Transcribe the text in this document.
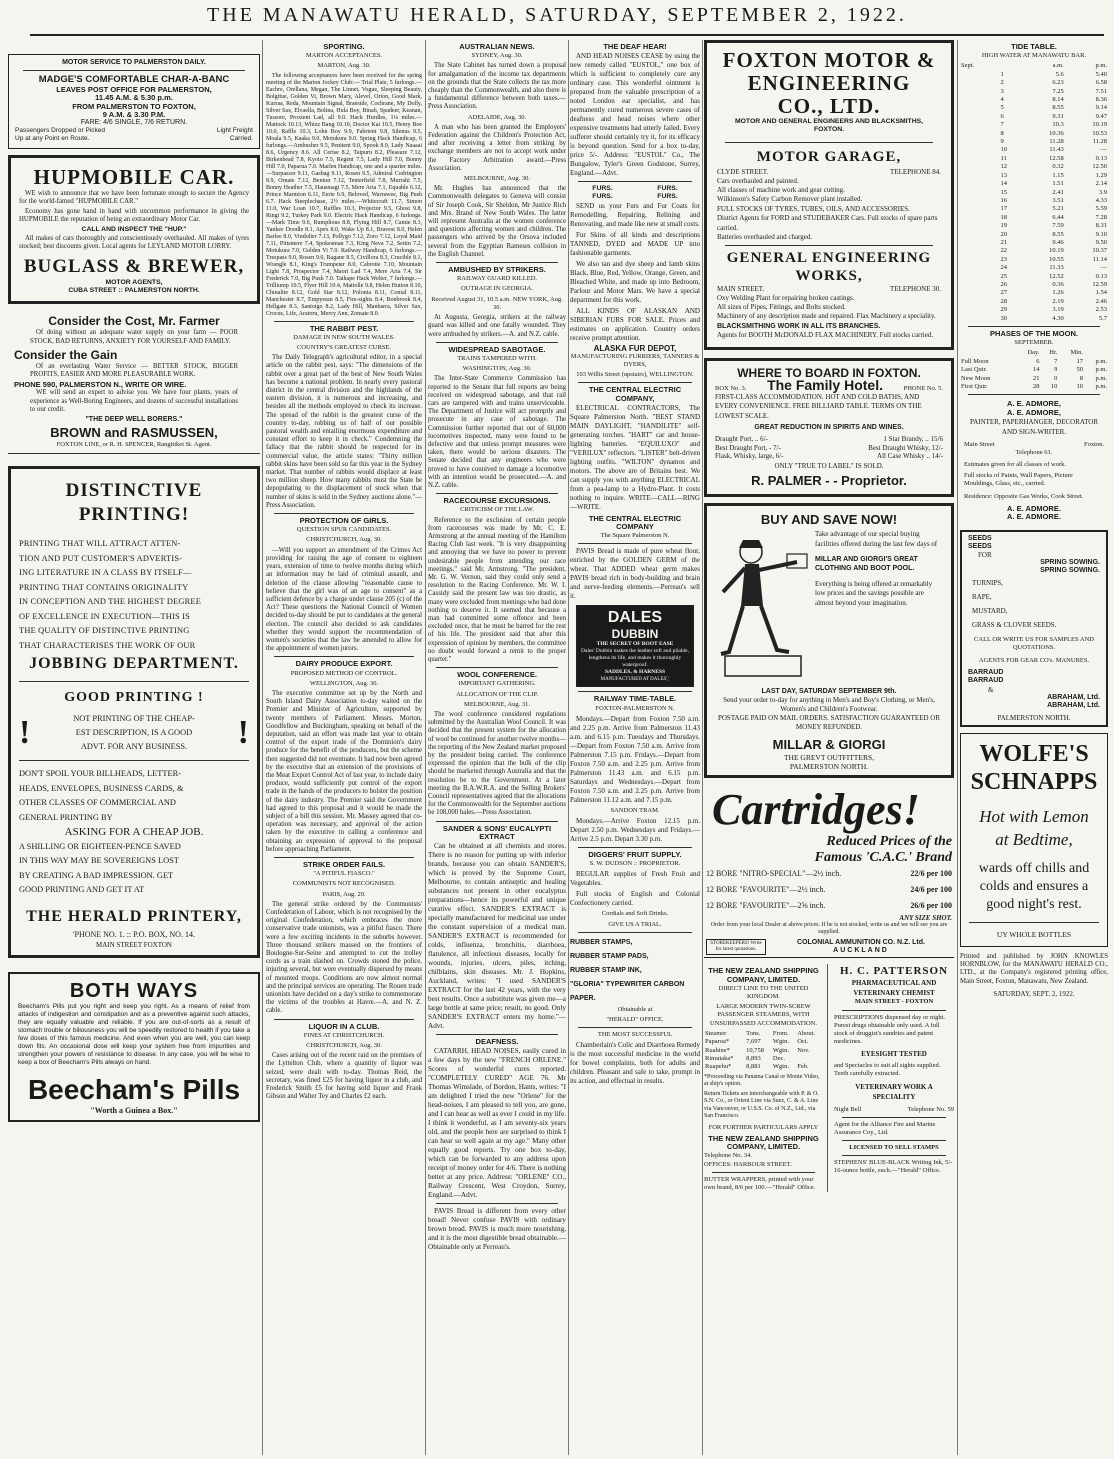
THE MANAWATU HERALD, SATURDAY, SEPTEMBER 2, 1922.
MOTOR SERVICE TO PALMERSTON DAILY.
MADGE'S COMFORTABLE CHAR-A-BANC
LEAVES POST OFFICE FOR PALMERSTON,
11.45 A.M. & 5.30 p.m.
FROM PALMERSTON TO FOXTON,
9 A.M. & 3.30 P.M.
FARE: 4/6 SINGLE, 7/6 RETURN.
Passengers Dropped or Picked	Light Freight
Up at any Point en Route.	Carried.
HUPMOBILE CAR.
WE wish to announce that we have been fortunate enough to secure the Agency for the world-famed "HUPMOBILE CAR."
Economy has gone hand in hand with uncommon performance in giving the HUPMOBILE the reputation of being an extraordinary Motor Car.
CALL AND INSPECT THE "HUP."
All makes of cars thoroughly and conscientiously overhauled. All makes of tyres stocked; best discounts given. Local agents for LEYLAND MOTOR LORRY.
BUGLASS & BREWER,
MOTOR AGENTS,
CUBA STREET :: PALMERSTON NORTH.
Consider the Cost, Mr. Farmer
Of doing without an adequate water supply on your farm — POOR STOCK, BAD RETURNS, ANXIETY FOR YOURSELF AND FAMILY.
Consider the Gain
Of an everlasting Water Service — BETTER STOCK, BIGGER PROFITS, EASIER AND MORE PLEASURABLE WORK.
PHONE 590, PALMERSTON N., WRITE OR WIRE.
WE will send an expert to advise you. We have four plants, years of experience as Well-Boring Engineers, and dozens of successful installations to our credit.
"THE DEEP WELL BORERS."
BROWN and RASMUSSEN,
FOXTON LINE, or R. H. SPENCER, Rangitikei St. Agent.
DISTINCTIVE PRINTING!
PRINTING THAT WILL ATTRACT ATTEN-
TION AND PUT CUSTOMER'S ADVERTIS-
ING LITERATURE IN A CLASS BY ITSELF—
PRINTING THAT CONTAINS ORIGINALITY
IN CONCEPTION AND THE HIGHEST DEGREE
OF EXCELLENCE IN EXECUTION—THIS IS
THE QUALITY OF DISTINCTIVE PRINTING
THAT CHARACTERISES THE WORK OF OUR
JOBBING DEPARTMENT.
GOOD PRINTING !
!	NOT PRINTING OF THE CHEAP-
EST DESCRIPTION, IS A GOOD
ADVT. FOR ANY BUSINESS.	!
DON'T SPOIL YOUR BILLHEADS, LETTER-
HEADS, ENVELOPES, BUSINESS CARDS, &
OTHER CLASSES OF COMMERCIAL AND
GENERAL PRINTING BY
ASKING FOR A CHEAP JOB.
A SHILLING OR EIGHTEEN-PENCE SAVED
IN THIS WAY MAY BE SOVEREIGNS LOST
BY CREATING A BAD IMPRESSION. GET
GOOD PRINTING AND GET IT AT
THE HERALD PRINTERY,
'PHONE NO. 1. :: P.O. BOX, NO. 14.
MAIN STREET FOXTON
BOTH WAYS
Beecham's Pills put you right and keep you right. As a means of relief from attacks of indigestion and constipation and as a preventive against such attacks, they are equally valuable and reliable. If you are out-of-sorts as a result of stomach trouble or biliousness you will be speedily restored to health if you take a few doses of this famous medicine. And even when you are well, you can keep down fits. An occasional dose will keep your system free from impurities and strengthen your powers of resistance to disease. In any case, you will be wise to keep a box of Beecham's Pills always on hand.
Beecham's Pills
"Worth a Guinea a Box."
SPORTING.
MARTON ACCEPTANCES.
MARTON, Aug. 30.
The following acceptances have been received for the spring meeting of the Marton Jockey Club:— Trial Plate, 5 furlongs.—Eachre, Orellana, Megan, The Linnet, Vogue, Sleeping Beauty, Bolgitue, Golden Vi, Brown Mary, Alevel, Orion, Good Mark, Kurraa, Reda, Mountain Signal, Braeside, Cochrane, My Dolly, Silver Sax, Elvaella, Bolina, Hula Boy, Binah, Spadeer, Keanan, Tussore, Proxient Lad, all 9.0. Hack Hurdles, 1¼ miles.—Mattock 10.13, Whizz Bang 10.10, Doctor Kai 10.5, Henry Boe 10.0, Raffle 10.3, Lohn Boy 9.9, Fabrient 9.8, Silenus 9.5, Moala 9.5, Kaaka 9.0, Motukura 9.0. Spring Hack Handicap, 6 furlongs.—Ambusher 9.5, Penitent 9.0, Spook 8.9, Lady Naaaai 8.6, Urgency 8.6. All Cerise 8.2, Taipuru 8.2, Pleasure 7.12, Birkenhead 7.8, Kyoto 7.5, Regent 7.5, Lady Hill 7.0, Bonny Hill 7.0, Paparua 7.0. Marlen Handicap, one and a quarter miles.—Surpassor 9.11, Gasbag 9.11, Rosen 9.5, Admiral Codrington 8.9, Ornate 7.12, Benton 7.12, Tenterfield 7.8, Murrahi 7.5, Bonny Heather 7.5, Hausmagi 7.5, Mere Aria 7.1, Equable 6.12, Prince Marmion 6.11, Eerie 6.9, Beloved, Warrawee, Big Push 6.7. Hack Steeplechase, 2½ miles.—Whitecraft 11.7, Simon 11.0, War Loan 10.7, Raffles 10.3, Projector 9.5, Ghost 9.8, Ringi 9.2, Turkey Park 9.0. Electric Hack Handicap, 6 furlongs.—Mark Time 9.6, Rumplious 8.8, Flying Hill 8.7, Camie 8.3, Yankee Doodle 8.1, Apex 8.0, Wake Up 8.1, Bravest 8.0, Helen Barlee 8.0, Vindolier 7.13, Pollygo 7.12, Zoro 7.12, Loyal Maid 7.11, Pittsmere 7.4, Spokesman 7.3, King Neva 7.2, Seitin 7.2, Motukura 7.0, Golden Vi 7.0. Railway Handicap, 6 furlongs.—Trespass 9.0, Rosen 9.0, Ragane 8.5, Civillora 8.3, Crucible 8.1, Wrangle 8.1, King's Trumpeter 8.0, Cabrotie 7.10, Mountain Light 7.8, Prospector 7.4, Maori Lad 7.4, Mere Aria 7.4, Sir Frederick 7.0, Big Push 7.0. Taihape Hack Welter, 7 furlongs.—Trilliump 10.5, Flyer Hill 10.4, Mattolle 9.8, Helen Hutton 8.10, Chinalite 8.12, Gold Star 8.12, Polonia 8.11, Conial 8.11, Manchester 8.7, Empyrean 8.5, Fire-sights 8.4, Bonbrook 8.4, Hellgate 8.3, Santoigo 8.2, Lady Hill, Manbarra, Silver Sax, Crocus, Life, Aratoru, Mercy Ann, Zomate 8.0.
THE RABBIT PEST.
DAMAGE IN NEW SOUTH WALES.
COUNTRY'S GREATEST CURSE.
The Daily Telegraph's agricultural editor, in a special article on the rabbit pest, says: "The dimensions of the rabbit over a great part of the best of New South Wales has become a national problem. In nearly every pastoral district in the central division and the highlands of the eastern division, it is numerous and increasing, and besides all the methods employed to check its increase. The spread of the rabbit is the greatest curse of the country to-day, robbing us of half of our possible pastoral wealth and entailing enormous expenditure and constant effort to keep it in check." Condemning the fallacy that the rabbit should be respected for its commercial value, the article states: "Thirty million rabbit skins have been sold so far this year in the Sydney market. That number of rabbits would displace at least two million sheep. How many rabbits must the State be depopulating to the displacement of stock when that number of skins is sold in the Sydney auctions alone."—Press Association.
PROTECTION OF GIRLS.
QUESTION SPUR CANDIDATES.
CHRISTCHURCH, Aug. 30.
—Will you support an amendment of the Crimes Act providing for raising the age of consent to eighteen years, extension of time to twelve months during which an information may be laid of criminal assault, and deletion of the clause allowing "reasonable cause to believe that the girl was of an age to consent" as a sufficient defence by a charge under clause 205 (c) of the Act? These questions the National Council of Women decided to-day should be put to candidates at the general election. The council also decided to ask candidates whether they would support the recommendation of women's societies that the law be amended to allow for the appointment of women jurors.
DAIRY PRODUCE EXPORT.
PROPOSED METHOD OF CONTROL.
WELLINGTON, Aug. 30.
The executive committee set up by the North and South Island Dairy Association to-day waited on the Premier and Minister of Agriculture, supported by twenty members of Parliament. Messrs. Morton, Goodfellow and Buckingham, speaking on behalf of the deputation, said an effort was made last year to obtain control of the export trade of the Dominion's dairy produce for the benefit of the producers, but the scheme then suggested did not eventuate. It had now been agreed by the executive that an extension of the provisions of the Meat Export Control Act of last year, to include dairy produce, would sufficiently put control of the export trade in the hands of the producers to bolster the position of the dairy industry. The Premier said the Government had agreed to this proposal and it would be made the subject of a bill this session. Mr. Massey agreed that co-operation was necessary, and approval of the action taken by the executive in calling a conference and obtaining an expression of approval to the proposal before approaching Parliament.
STRIKE ORDER FAILS.
"A PITIFUL FIASCO."
COMMUNISTS NOT RECOGNISED.
PARIS, Aug. 29.
The general strike ordered by the Communists' Confederation of Labour, which is not recognised by the original Confederation, which embraces the more conservative trade unionists, was a pitiful fiasco. There were a few exciting incidents in the suburbs however. Three thousand strikers massed on the frontiers of Boulogne-Sur-Seine and attempted to cut the trolley cords as a train slashed on. Crowds stoned the police, injuring several, but were eventually dispersed by means of mounted troops. Conditions are now almost normal and the principal services are operating. The Rouen trade unionists have decided on a day's strike to commemorate the victims of the troubles at Havre.—A. and N. Z. cable.
LIQUOR IN A CLUB.
FINES AT CHRISTCHURCH.
CHRISTCHURCH, Aug. 30.
Cases arising out of the recent raid on the premises of the Lyttelton Club, where a quantity of liquor was seized, were dealt with to-day. Thomas Reid, the secretary, was fined £25 for having liquor in a club, and Frederick Smith £5 for having sold liquor and Frank Gibson and Walter Tey and Charles £2 each.
AUSTRALIAN NEWS.
SYDNEY, Aug. 30.
The State Cabinet has turned down a proposal for amalgamation of the income tax departments on the grounds that the State collects the tax more cheaply than the Commonwealth, and also there is a fundamental difference between both taxes.—Press Association.
ADELAIDE, Aug. 30.
A man who has been granted the Employers' Federation against the Children's Protection Act, and after receiving a letter from striking by exchange members are not to accept work under the Factory Arbitration award.—Press Association.
MELBOURNE, Aug. 30.
Mr. Hughes has announced that the Commonwealth delegates to Geneva will consist of Sir Joseph Cook, Sir Sheldon, Mr Justice Rich and Mrs. Brand of New South Wales. The latter will represent Australia at the women conference and questions affecting women and children. The passengers who arrived by the Orsova included several from the Egyptian Rameses collision in the English Channel.
AMBUSHED BY STRIKERS.
RAILWAY GUARD KILLED.
OUTRAGE IN GEORGIA.
Received August 31, 10.5 a.m. NEW YORK, Aug. 30.
At Augusta, Georgia, strikers at the railway guard was killed and one fatally wounded. They were ambushed by strikers.—A. and N.Z. cable.
WIDESPREAD SABOTAGE.
TRAINS TAMPERED WITH.
WASHINGTON, Aug. 30.
The Inter-State Commerce Commission has reported to the Senate that full reports are being received on widespread sabotage, and that rail cars are tampered with and trains unserviceable. The Department of Justice will act promptly and prosecute in any case of sabotage. The Commission further reported that out of 60,000 locomotives inspected, many were found to be defective and that unless prompt measures were taken, there would be serious disasters. The Senate decided that any engineers who were proved to have connived to damage a locomotive with an intention would be prosecuted.—A. and N.Z. cable.
RACECOURSE EXCURSIONS.
CRITICISM OF THE LAW.
Reference to the exclusion of certain people from racecourses was made by Mr. C. E. Armstrong at the annual meeting of the Hamilton Racing Club last week. "It is very disappointing and annoying that we have no power to prevent undesirable people from attending our race meetings," said Mr. Armstrong. "The president, Mr. G. W. Vernon, said they could only send a resolution to the Racing Conference. Mr. W. I. Cassidy said the present law was too drastic, as many were excluded from meetings who had done nothing to deserve it. It seemed that because a man had committed some offence and been excluded once, that he must be barred for the rest of his life. The president said that after this expression of opinion by members, the committee no doubt would forward a remit to the proper quarter."
WOOL CONFERENCE.
IMPORTANT GATHERING.
ALLOCATION OF THE CLIP.
MELBOURNE, Aug. 31.
The wool conference considered regulations submitted by the Australian Wool Council. It was decided that the present system for the allocation of wool be continued for another twelve months—the reporting of the New Zealand market proposed by the president being carried. The conference expressed the opinion that the bulk of the clip should be marketed through Australia and that the resolution be to the Government. At a later meeting the B.A.W.R.A. and the Selling Brokers' Council representatives agreed that the allocations for the Commonwealth for the September auctions be 108,000 bales.—Press Association.
SANDER & SONS' EUCALYPTI EXTRACT
Can be obtained at all chemists and stores. There is no reason for putting up with inferior brands, because you can obtain SANDER'S, which is proved by the Supreme Court, Melbourne, to contain antiseptic and healing substances not present in other eucalyptus preparations—hence its powerful and unique curative effect. SANDER'S EXTRACT is specially manufactured for medicinal use under the constant supervision of a medical man. SANDER'S EXTRACT is recommended for colds, influenza, bronchitis, diarrhoea, flatulence, all infectious diseases, locally for wounds, injuries, ulcers, piles, itching, chilblains, skin diseases. Mr. J. Hopkins, Auckland, writes: "I used SANDER'S EXTRACT for the last 42 years, with the very best results. Once a substitute was given me—a large bottle at same price; result, no good. Only SANDER'S EXTRACT enters my home."—Advt.
DEAFNESS.
CATARRH, HEAD NOISES, easily cured in a few days by the new "FRENCH ORLENE." Scores of wonderful cures reported. "COMPLETELY CURED" AGE 76. Mr Thomas Wimslade, of Bordon, Hants, writes: "I am delighted I tried the new "Orlene" for the head-noises, I am pleased to tell you, are gone, and I can hear as well as ever I could in my life. I think it wonderful, as I am seventy-six years old, and the people here are surprised to think I can hear so well again at my age." Many other equally good reports. Try one box to-day, which can be forwarded to any address upon receipt of money order for 4/6. There is nothing better at any price. Address: "ORLENE" CO., Railway Crescent, West Croydon, Surrey, England.—Advt.
PAVIS Bread is different from every other bread! Never confuse PAVIS with ordinary brown bread. PAVIS is much more nourishing, and it is the most digestible bread obtainable.—Obtainable only at Perreau's.
THE DEAF HEAR!
AND HEAD NOISES CEASE by using the new remedy called "EUSTOL," one box of which is sufficient to completely cure any ordinary case. This wonderful ointment is prepared from the valuable prescription of a noted London ear specialist, and has permanently cured numerous severe cases of deafness and head noises where other expensive treatments had utterly failed. Every sufferer should certainly try it, for its efficacy is beyond question. Send for a box to-day, price 5/-. Address: "EUSTOL" Co., The Bungalow, Tyler's Green Godstone, Surrey, England.—Advt.
FURS.
FURS.
FURS.
FURS.
SEND us your Furs and Fur Coats for Remodelling, Repairing, Relining and Renovating, and made like new at small costs.
Fur Skins of all kinds and descriptions TANNED, DYED and MADE UP into fashionable garments.
We also tan and dye sheep and lamb skins Black, Blue, Red, Yellow, Orange, Green, and Bleached White, and made up into Bedroom, Parlour and Motor Mats. We have a special department for this work.
ALL KINDS OF ALASKAN AND SIBERIAN FURS FOR SALE. Prices and estimates on application. Country orders receive prompt attention.
ALASKA FUR DEPOT,
MANUFACTURING FURRIERS, TANNERS & DYERS,
103 Willis Street (upstairs), WELLINGTON.
THE CENTRAL ELECTRIC COMPANY,
ELECTRICAL CONTRACTORS, The Square Palmerston North. "BEST STAND MAIN DAYLIGHT, "HANDILITE" self-generating torches. "HART" car and house-lighting batteries. "EQUILUXO" and "VERILUX" reflectors. "LISTER" belt-driven lighting outfits. "WILTON" dynamos and motors. The above are of Britains best. We can supply you with anything ELECTRICAL from a pea-lamp to a Hydro-Plant. It costs nothing to inquire. WRITE—CALL—RING—WRITE.
THE CENTRAL ELECTRIC COMPANY
The Square Palmerston N.
PAVIS Bread is made of pure wheat flour, enriched by the GOLDEN GERM of the wheat. That ADDED wheat germ makes PAVIS bread rich in body-building and brain and nerve-feeding elements.—Perreau's sell it.
DALES
DUBBIN
THE SECRET OF BOOT EASE
Dales' Dubbin makes the leather soft and pliable, lengthens its life, and makes it thoroughly waterproof.
SADDLES, & HARNESS
MANUFACTURED AT DALES','
RAILWAY TIME-TABLE.
FOXTON-PALMERSTON N.
Mondays.—Depart from Foxton 7.50 a.m. and 2.25 p.m. Arrive from Palmerston 11.43 a.m. and 6.15 p.m. Tuesdays and Thursdays.—Depart from Foxton 7.50 a.m. Arrive from Palmerston 7.15 p.m. Fridays.—Depart from Foxton 7.50 a.m. and 2.25 p.m. Arrive from Palmerston 11.43 a.m. and 6.15 p.m. Saturdays and Wednesdays.—Depart from Foxton 7.50 a.m. and 2.25 p.m. Arrive from Palmerston 11.12 a.m. and 7.15 p.m.
SANDON TRAM.
Mondays.—Arrive Foxton 12.15 p.m. Depart 2.50 p.m. Wednesdays and Fridays.—Arrive 2.5 p.m. Depart 3.30 p.m.
DIGGERS' FRUIT SUPPLY.
S. W. DUDSON :: PROPRIETOR.
REGULAR supplies of Fresh Fruit and Vegetables.
Full stocks of English and Colonial Confectionery carried.
Cordials and Soft Drinks.
GIVE US A TRIAL.
RUBBER STAMPS,
RUBBER STAMP PADS,
RUBBER STAMP INK,
"GLORIA" TYPEWRITER CARBON PAPER.
Obtainable at
"HERALD" OFFICE.
THE MOST SUCCESSFUL
Chamberlain's Colic and Diarrhoea Remedy is the most successful medicine in the world for bowel complaints, both for adults and children. Pleasant and safe to take, prompt in its action, and effectual in results.
FOXTON MOTOR &
ENGINEERING
CO., LTD.
MOTOR AND GENERAL ENGINEERS AND BLACKSMITHS,
FOXTON.
MOTOR GARAGE,
CLYDE STREET.	TELEPHONE 84.
Cars overhauled and painted.
All classes of machine work and gear cutting.
Wilkinson's Safety Carbon Remover plant installed.
FULL STOCKS OF TYRES, TUBES, OILS, AND ACCESSORIES.
District Agents for FORD and STUDEBAKER Cars. Full stocks of spare parts carried.
Batteries overhauled and charged.
GENERAL ENGINEERING
WORKS,
MAIN STREET.	TELEPHONE 30.
Oxy Welding Plant for repairing broken castings.
All sizes of Pipes, Fittings, and Bolts stocked.
Machinery of any description made and repaired. Flax Machinery a speciality.
BLACKSMITHING WORK IN ALL ITS BRANCHES.
Agents for BOOTH McDONALD FLAX MACHINERY. Full stocks carried.
WHERE TO BOARD IN FOXTON.
BOX No. 3. The Family Hotel.	PHONE No. 5.
FIRST-CLASS ACCOMMODATION. HOT AND COLD BATHS, AND EVERY CONVENIENCE. FREE BILLIARD TABLE. TERMS ON THE LOWEST SCALE.
GREAT REDUCTION IN SPIRITS AND WINES.
Draught Port, .. 6/-	1 Star Brandy, .. 15/6
Best Draught Port, - 7/-	Best Draught Whisky, 12/-
Flask, Whisky, large, 6/-	All Case Whisky .. 14/-
ONLY "TRUE TO LABEL" IS SOLD.
R. PALMER - - Proprietor.
BUY AND SAVE NOW!
Take advantage of our special buying facilities offered during the last few days of
MILLAR AND GIORGI'S GREAT CLOTHING AND BOOT POOL.
Everything is being offered at remarkably low prices and the savings possible are almost beyond your imagination.
LAST DAY, SATURDAY SEPTEMBER 9th.
Send your order to-day for anything in Men's and Boy's Clothing, or Men's, Women's and Children's Footwear.
POSTAGE PAID ON MAIL ORDERS. SATISFACTION GUARANTEED OR MONEY REFUNDED.
MILLAR & GIORGI
THE GREVT OUTFITTERS,
PALMERSTON NORTH.
Cartridges!
Reduced Prices of the
Famous 'C.A.C.' Brand
12 BORE "NITRO-SPECIAL"—2½ inch.	22/6 per 100
12 BORE "FAVOURITE"—2½ inch.	24/6 per 100
12 BORE "FAVOURITE"—2⅝ inch.	26/6 per 100
ANY SIZE SHOT.
Order from your local Dealer at above prices. If he is not stocked, write us and we will see you are supplied.
STOREKEEPERS! Write for latest quotations.
COLONIAL AMMUNITION CO. N.Z. Ltd.
AUCKLAND
THE NEW ZEALAND SHIPPING COMPANY, LIMITED.
DIRECT LINE TO THE UNITED KINGDOM.
LARGE MODERN TWIN-SCREW PASSENGER STEAMERS, WITH UNSURPASSED ACCOMMODATION.
Steamer	Tons.	From.	About.
Paparoa*	7,697	Wgtn.	Oct.
Ruahine*	10,758	Wgtn.	Nov.
Rimutaka*	8,893	Dec.	
Ruapehu*	8,881	Wgtn.	Feb.
*Proceeding via Panama Canal or Monte Video, at ship's option.
Return Tickets are interchangeable with P. & O. S.N. Co., or Orient Line via Suez, C. & A. Line via Vancouver, or U.S.S. Co. of N.Z., Ltd., via San Francisco.
FOR FURTHER PARTICULARS APPLY
THE NEW ZEALAND SHIPPING COMPANY, LIMITED.
Telephone No. 34.
OFFICES: HARBOUR STREET.
BUTTER WRAPPERS, printed with your own brand, 8/6 per 100.—"Herald" Office.
H. C. PATTERSON
PHARMACEUTICAL AND VETERINARY CHEMIST
MAIN STREET - FOXTON
PRESCRIPTIONS dispensed day or night. Purest drugs obtainable only used. A full stock of druggist's sundries and patent medicines.
EYESIGHT TESTED
and Spectacles to suit all sights supplied. Teeth carefully extracted.
VETERINARY WORK A SPECIALITY
Night Bell	Telephone No. 59
Agent for the Alliance Fire and Marine Assurance Coy., Ltd.
LICENSED TO SELL STAMPS
STEPHENS' BLUE-BLACK Writing Ink, 5/- 16-ounce bottle, each.—"Herald" Office.
TIDE TABLE.
HIGH WATER AT MANAWATU BAR.
Sept.		a.m.	p.m.
	1	5.6	5.40
	2	6.23	6.58
	3	7.25	7.51
	4	8.14	8.36
	5	8.55	9.14
	6	9.31	9.47
	7	10.3	10.19
	8	10.36	10.53
	9	11.28	11.28
	10	11.43	—
	11	12.58	0.13
	12	0.32	12.50
	13	1.15	1.29
	14	1.51	2.14
	15	2.41	3.9
	16	3.51	4.33
	17	5.21	5.59
	18	6.44	7.28
	19	7.59	8.31
	20	8.55	9.10
	21	9.46	9.50
	22	10.19	10.37
	23	10.55	11.14
	24	11.33	—
	25	12.52	0.13
	26	0.36	12.59
	27	1.26	1.54
	28	2.19	2.46
	29	3.19	2.53
	30	4.30	5.7
PHASES OF THE MOON.
SEPTEMBER.
	Day.	Hr.	Min.	
Full Moon	6	7	17	p.m.
Last Qutr.	14	9	50	p.m.
New Moon	21	0	8	p.m.
First Qutr.	28	10	10	p.m.
A. E. ADMORE,
A. E. ADMORE,
PAINTER, PAPERHANGER, DECORATOR AND SIGN-WRITER.
Main Street	Foxton.
Telephone 61.
Estimates given for all classes of work.
Full stocks of Paints, Wall Papers, Picture Mouldings, Glass, etc., carried.
Residence: Opposite Gas Works, Cook Street.
A. E. ADMORE.
A. E. ADMORE.
SEEDS
SEEDS
FOR
SPRING SOWING.
SPRING SOWING.
TURNIPS,
RAPE,
MUSTARD,
GRASS & CLOVER SEEDS.
CALL OR WRITE US FOR SAMPLES AND QUOTATIONS.
AGENTS FOR GEAR CO's. MANURES.
BARRAUD
BARRAUD
&
ABRAHAM, Ltd.
ABRAHAM, Ltd.
PALMERSTON NORTH.
WOLFE'S
SCHNAPPS
Hot with Lemon
at Bedtime,
wards off chills and colds and ensures a good night's rest.
UY WHOLE BOTTLES
Printed and published by JOHN KNOWLES HORNBLOW, for the MANAWATU HERALD CO., LTD., at the Company's registered printing office, Main Street, Foxton, Manawatu, New Zealand.
SATURDAY, SEPT. 2, 1922.
